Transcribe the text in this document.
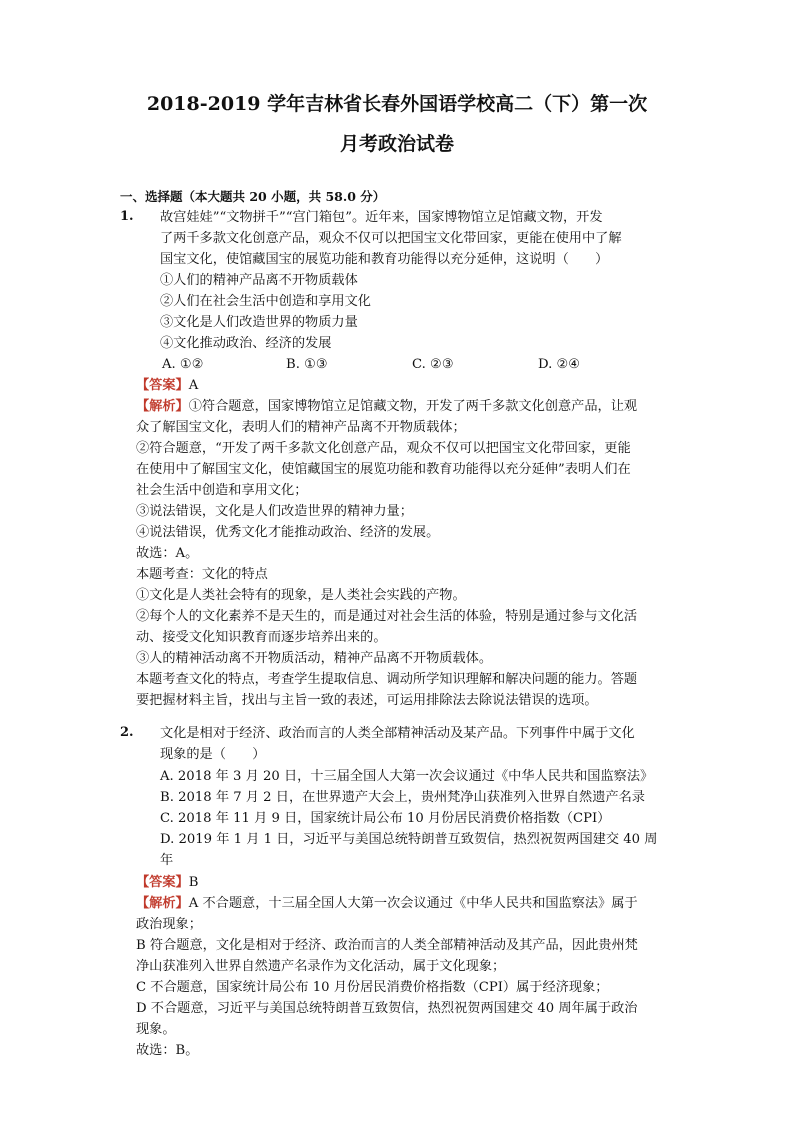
2018-2019 学年吉林省长春外国语学校高二（下）第一次
月考政治试卷
一、选择题（本大题共 20 小题，共 58.0 分）
1. 故宫娃娃”“文物拼千”“宫门箱包”。近年来，国家博物馆立足馆藏文物，开发
了两千多款文化创意产品，观众不仅可以把国宝文化带回家，更能在使用中了解
国宝文化，使馆藏国宝的展览功能和教育功能得以充分延伸，这说明（　　）
①人们的精神产品离不开物质载体
②人们在社会生活中创造和享用文化
③文化是人们改造世界的物质力量
④文化推动政治、经济的发展
A. ①②	B. ①③	C. ②③	D. ②④
【答案】A
【解析】①符合题意，国家博物馆立足馆藏文物，开发了两千多款文化创意产品，让观
众了解国宝文化，表明人们的精神产品离不开物质载体；
②符合题意，“开发了两千多款文化创意产品，观众不仅可以把国宝文化带回家，更能
在使用中了解国宝文化，使馆藏国宝的展览功能和教育功能得以充分延伸”表明人们在
社会生活中创造和享用文化；
③说法错误，文化是人们改造世界的精神力量；
④说法错误，优秀文化才能推动政治、经济的发展。
故选：A。
本题考查：文化的特点
①文化是人类社会特有的现象，是人类社会实践的产物。
②每个人的文化素养不是天生的，而是通过对社会生活的体验，特别是通过参与文化活
动、接受文化知识教育而逐步培养出来的。
③人的精神活动离不开物质活动，精神产品离不开物质载体。
本题考查文化的特点，考查学生提取信息、调动所学知识理解和解决问题的能力。答题
要把握材料主旨，找出与主旨一致的表述，可运用排除法去除说法错误的选项。
2. 文化是相对于经济、政治而言的人类全部精神活动及某产品。下列事件中属于文化
现象的是（　　）
A. 2018 年 3 月 20 日，十三届全国人大第一次会议通过《中华人民共和国监察法》
B. 2018 年 7 月 2 日，在世界遗产大会上，贵州梵净山获准列入世界自然遗产名录
C. 2018 年 11 月 9 日，国家统计局公布 10 月份居民消费价格指数（CPI）
D. 2019 年 1 月 1 日，习近平与美国总统特朗普互致贺信，热烈祝贺两国建交 40 周
年
【答案】B
【解析】A 不合题意，十三届全国人大第一次会议通过《中华人民共和国监察法》属于
政治现象；
B 符合题意，文化是相对于经济、政治而言的人类全部精神活动及其产品，因此贵州梵
净山获准列入世界自然遗产名录作为文化活动，属于文化现象；
C 不合题意，国家统计局公布 10 月份居民消费价格指数（CPI）属于经济现象；
D 不合题意，习近平与美国总统特朗普互致贺信，热烈祝贺两国建交 40 周年属于政治
现象。
故选：B。
